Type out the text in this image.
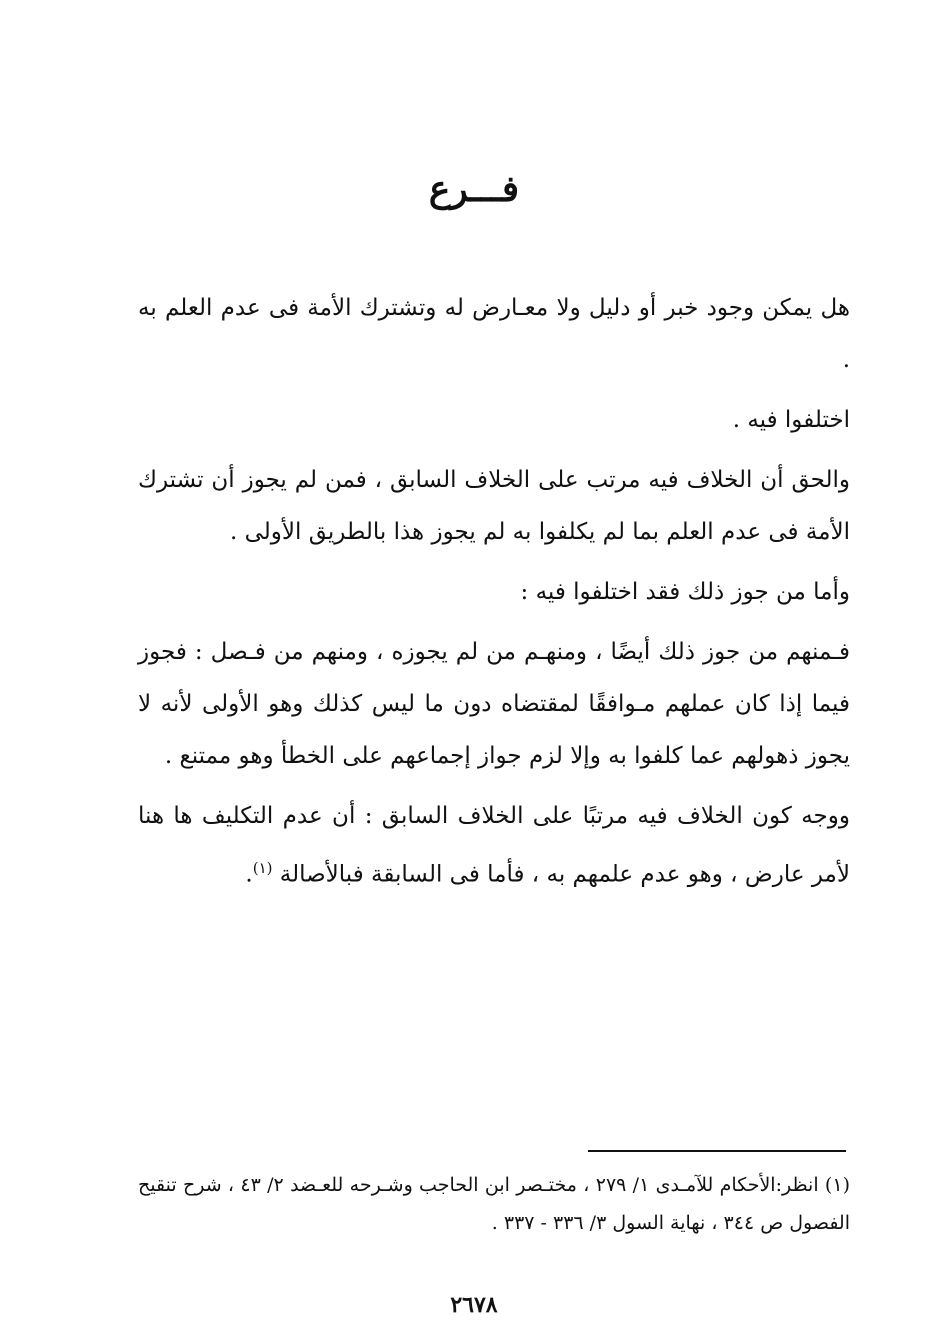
فـــرع

هل يمكن وجود خبر أو دليل ولا معـارض له وتشترك الأمة فى عدم العلم به .

اختلفوا فيه .

والحق أن الخلاف فيه مرتب على الخلاف السابق ، فمن لم يجوز أن تشترك الأمة فى عدم العلم بما لم يكلفوا به لم يجوز هذا بالطريق الأولى .

وأما من جوز ذلك فقد اختلفوا فيه :

فـمنهم من جوز ذلك أيضًا ، ومنهـم من لم يجوزه ، ومنهم من فـصل : فجوز فيما إذا كان عملهم مـوافقًا لمقتضاه دون ما ليس كذلك وهو الأولى لأنه لا يجوز ذهولهم عما كلفوا به وإلا لزم جواز إجماعهم على الخطأ وهو ممتنع .

ووجه كون الخلاف فيه مرتبًا على الخلاف السابق : أن عدم التكليف ها هنا لأمر عارض ، وهو عدم علمهم به ، فأما فى السابقة فبالأصالة $^{(١)}$.

(١) انظر:الأحكام للآمـدى ١/ ٢٧٩ ، مختـصر ابن الحاجب وشـرحه للعـضد ٢/ ٤٣ ، شرح تنقيح الفصول ص ٣٤٤ ، نهاية السول ٣/ ٣٣٦ - ٣٣٧ .

٢٦٧٨
